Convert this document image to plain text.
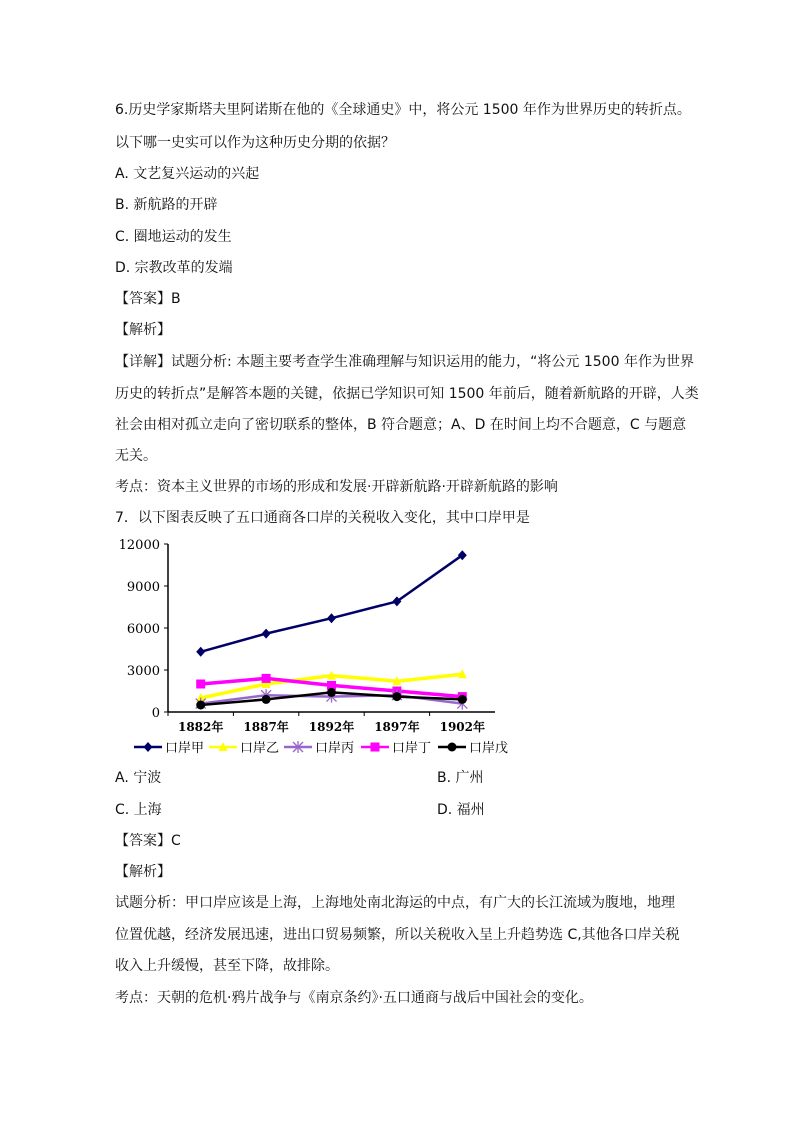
6.历史学家斯塔夫里阿诺斯在他的《全球通史》中，将公元 1500 年作为世界历史的转折点。
以下哪一史实可以作为这种历史分期的依据？
A. 文艺复兴运动的兴起
B. 新航路的开辟
C. 圈地运动的发生
D. 宗教改革的发端
【答案】B
【解析】
【详解】试题分析: 本题主要考查学生准确理解与知识运用的能力，“将公元 1500 年作为世界
历史的转折点”是解答本题的关键，依据已学知识可知 1500 年前后，随着新航路的开辟，人类
社会由相对孤立走向了密切联系的整体，B 符合题意；A、D 在时间上均不合题意，C 与题意
无关。
考点：资本主义世界的市场的形成和发展·开辟新航路·开辟新航路的影响
7．以下图表反映了五口通商各口岸的关税收入变化，其中口岸甲是
0
3000
6000
9000
12000
1882年 1887年 1892年 1897年 1902年
口岸甲	口岸乙	口岸丙	口岸丁	口岸戊
A. 宁波	B. 广州
C. 上海	D. 福州
【答案】C
【解析】
试题分析：甲口岸应该是上海，上海地处南北海运的中点，有广大的长江流域为腹地，地理
位置优越，经济发展迅速，进出口贸易频繁，所以关税收入呈上升趋势选 C,其他各口岸关税
收入上升缓慢，甚至下降，故排除。
考点：天朝的危机·鸦片战争与《南京条约》·五口通商与战后中国社会的变化。
